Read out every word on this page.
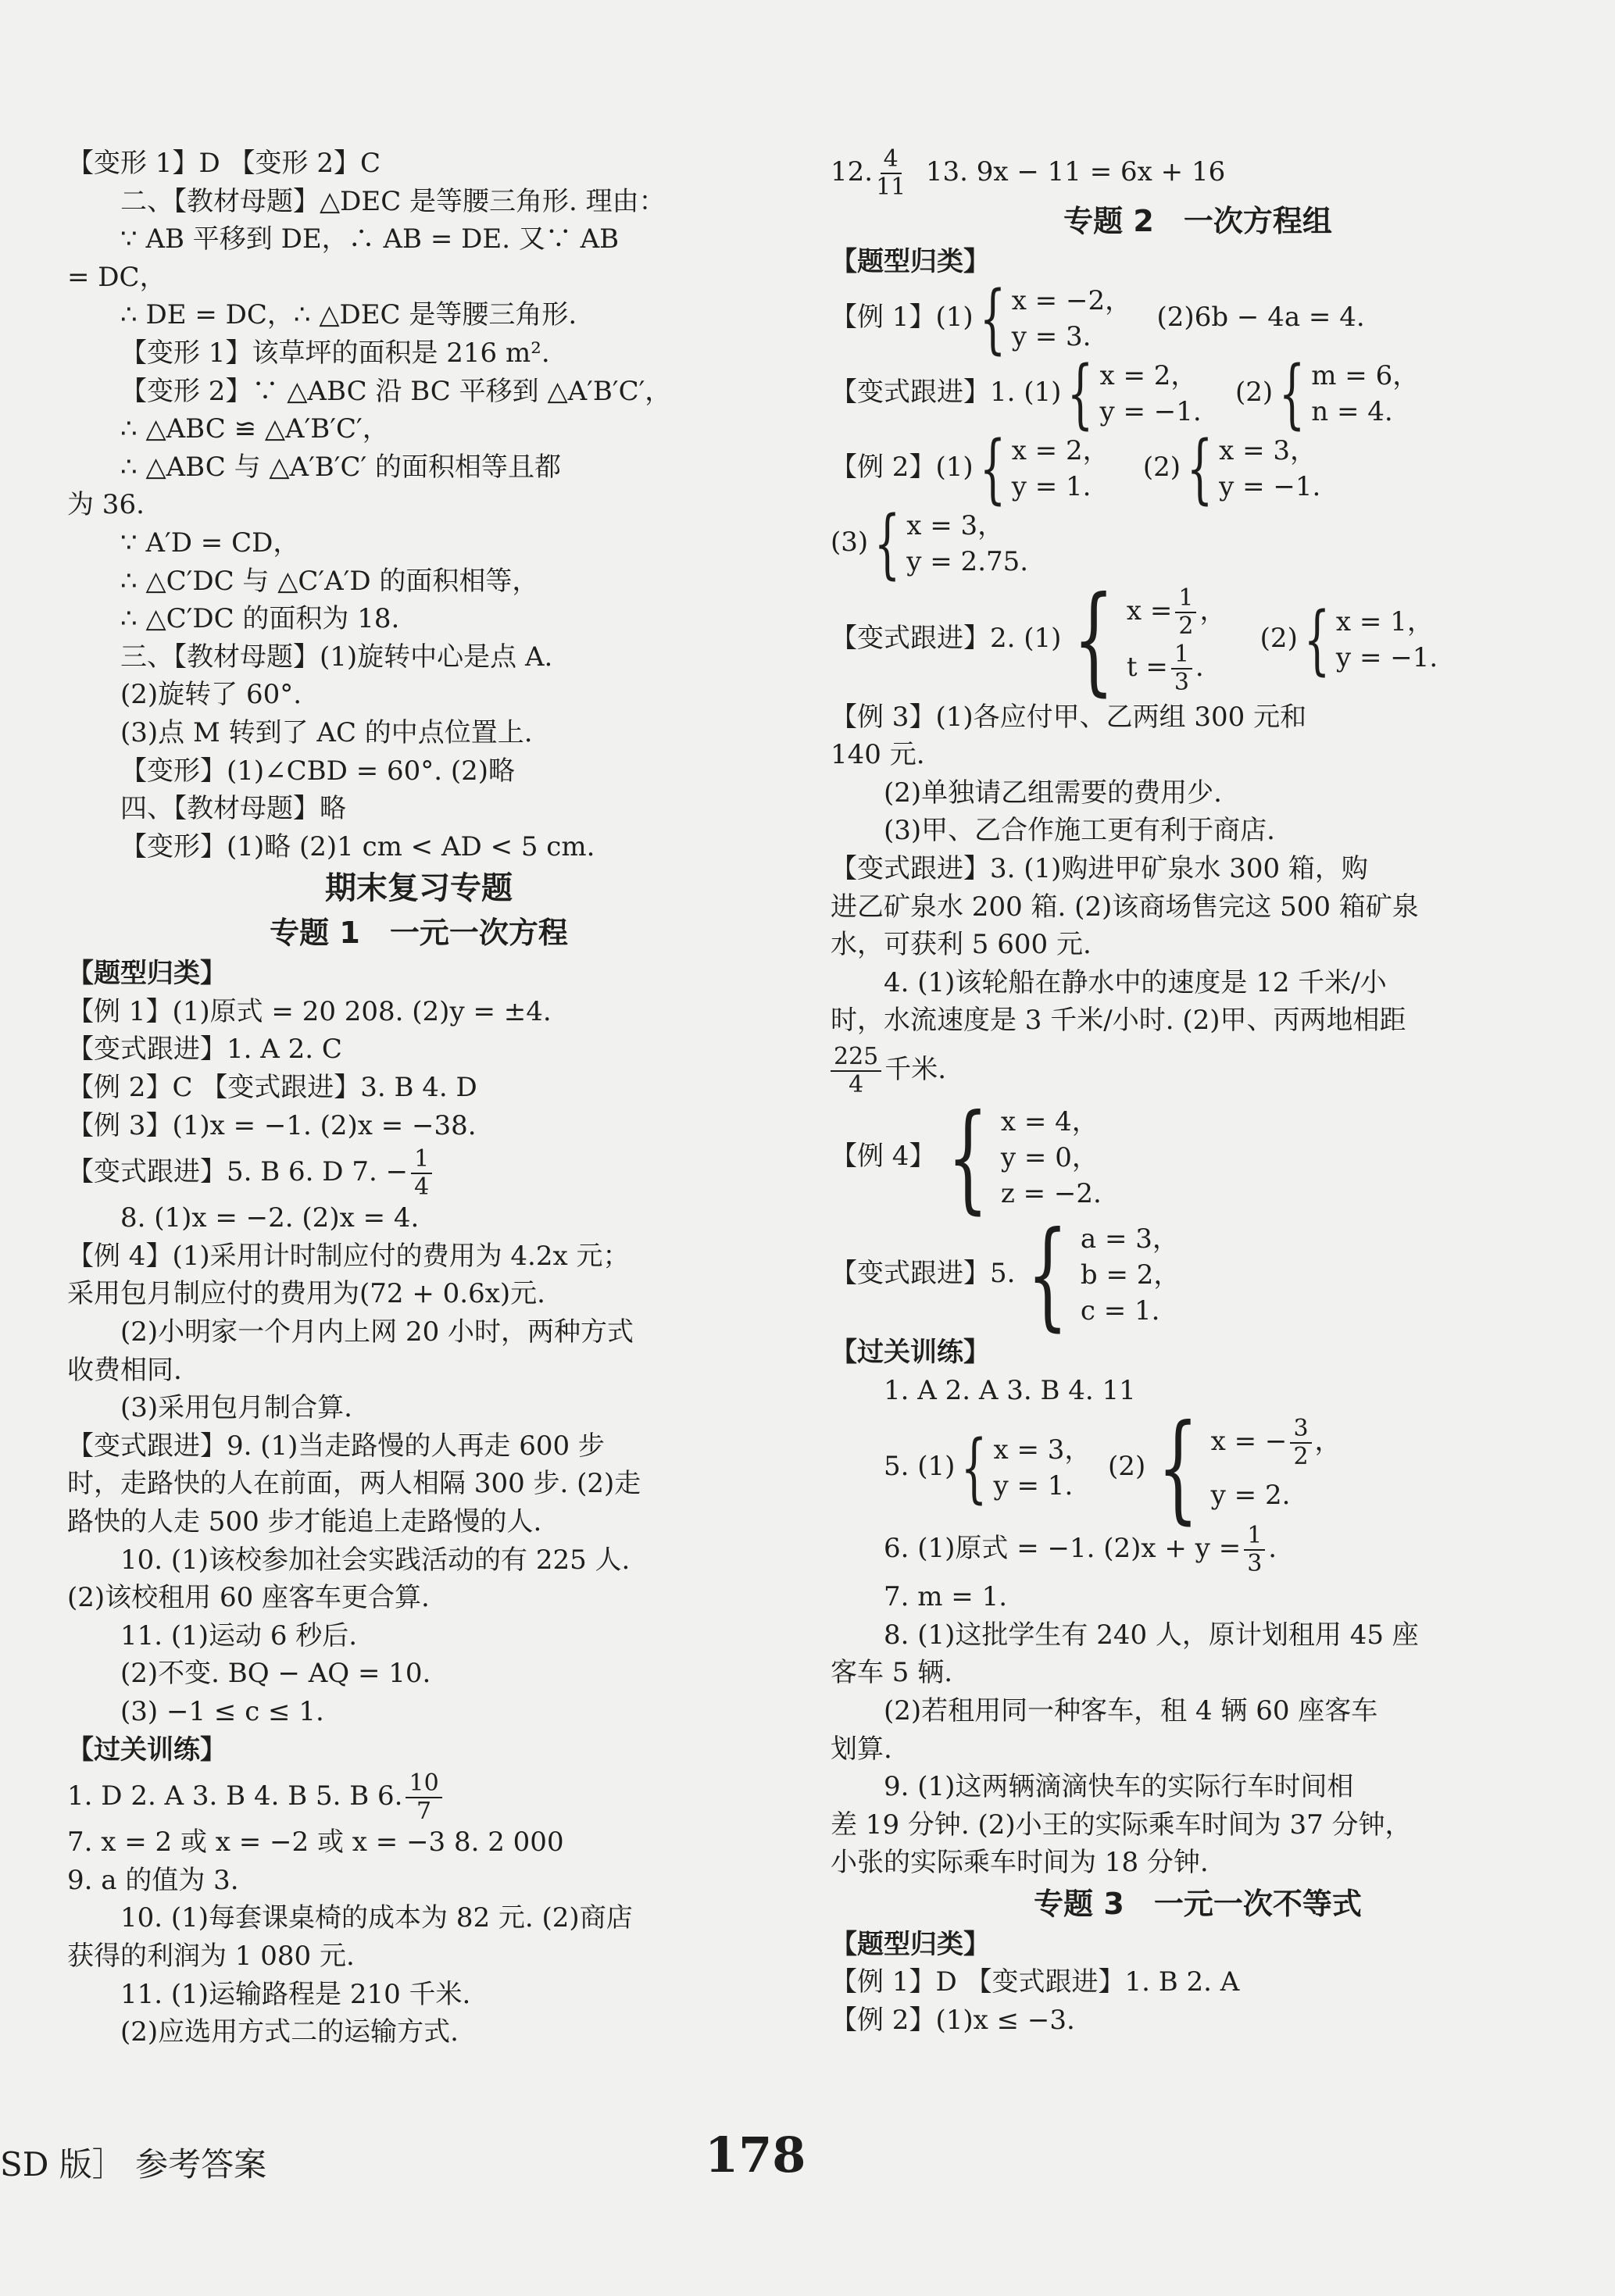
【变形 1】D 【变形 2】C
二、【教材母题】△DEC 是等腰三角形. 理由：
∵ AB 平移到 DE，∴ AB = DE. 又∵ AB
= DC，
∴ DE = DC，∴ △DEC 是等腰三角形.
【变形 1】该草坪的面积是 216 m².
【变形 2】∵ △ABC 沿 BC 平移到 △A′B′C′，
∴ △ABC ≌ △A′B′C′，
∴ △ABC 与 △A′B′C′ 的面积相等且都
为 36.
∵ A′D = CD，
∴ △C′DC 与 △C′A′D 的面积相等，
∴ △C′DC 的面积为 18.
三、【教材母题】(1)旋转中心是点 A.
(2)旋转了 60°.
(3)点 M 转到了 AC 的中点位置上.
【变形】(1)∠CBD = 60°. (2)略
四、【教材母题】略
【变形】(1)略 (2)1 cm < AD < 5 cm.
期末复习专题
专题 1　一元一次方程
【题型归类】
【例 1】(1)原式 = 20 208. (2)y = ±4.
【变式跟进】1. A 2. C
【例 2】C 【变式跟进】3. B 4. D
【例 3】(1)x = −1. (2)x = −38.
【变式跟进】5. B 6. D 7. − $\frac{1}{4}$
8. (1)x = −2. (2)x = 4.
【例 4】(1)采用计时制应付的费用为 4.2x 元；
采用包月制应付的费用为(72 + 0.6x)元.
(2)小明家一个月内上网 20 小时，两种方式
收费相同.
(3)采用包月制合算.
【变式跟进】9. (1)当走路慢的人再走 600 步
时，走路快的人在前面，两人相隔 300 步. (2)走
路快的人走 500 步才能追上走路慢的人.
10. (1)该校参加社会实践活动的有 225 人.
(2)该校租用 60 座客车更合算.
11. (1)运动 6 秒后.
(2)不变. BQ − AQ = 10.
(3) −1 ≤ c ≤ 1.
【过关训练】
1. D 2. A 3. B 4. B 5. B 6. $\frac{10}{7}$
7. x = 2 或 x = −2 或 x = −3 8. 2 000
9. a 的值为 3.
10. (1)每套课桌椅的成本为 82 元. (2)商店
获得的利润为 1 080 元.
11. (1)运输路程是 210 千米.
(2)应选用方式二的运输方式.
12. $\frac{4}{11} 13$. 9x − 11 = 6x + 16
专题 2　一次方程组
【题型归类】
【例 1】(1) { x = −2，
y = 3.
(2)6b − 4a = 4.
【变式跟进】1. (1) { x = 2，
y = −1.
(2) { m = 6，
n = 4.
【例 2】(1) { x = 2，
y = 1.
(2) { x = 3，
y = −1.
(3) { x = 3，
y = 2.75.
【变式跟进】2. (1) { $x = \frac{1}{2}$ ，
$t = \frac{1}{3}$ .
(2) { x = 1，
y = −1.
【例 3】(1)各应付甲、乙两组 300 元和
140 元.
(2)单独请乙组需要的费用少.
(3)甲、乙合作施工更有利于商店.
【变式跟进】3. (1)购进甲矿泉水 300 箱，购
进乙矿泉水 200 箱. (2)该商场售完这 500 箱矿泉
水，可获利 5 600 元.
4. (1)该轮船在静水中的速度是 12 千米/小
时，水流速度是 3 千米/小时. (2)甲、丙两地相距
$\frac{225}{4}$ 千米.
【例 4】 { x = 4，
y = 0，
z = −2.
【变式跟进】5. { a = 3，
b = 2，
c = 1.
【过关训练】
1. A 2. A 3. B 4. 11
5. (1) { x = 3，
y = 1.
(2) { x = − $\frac{3}{2}$ ，
y = 2.
6. (1)原式 = −1. $(2)x + y = \frac{1}{3}$ .
7. m = 1.
8. (1)这批学生有 240 人，原计划租用 45 座
客车 5 辆.
(2)若租用同一种客车，租 4 辆 60 座客车
划算.
9. (1)这两辆滴滴快车的实际行车时间相
差 19 分钟. (2)小王的实际乘车时间为 37 分钟，
小张的实际乘车时间为 18 分钟.
专题 3　一元一次不等式
【题型归类】
【例 1】D 【变式跟进】1. B 2. A
【例 2】(1)x ≤ −3.
SD 版］ 参考答案	178
